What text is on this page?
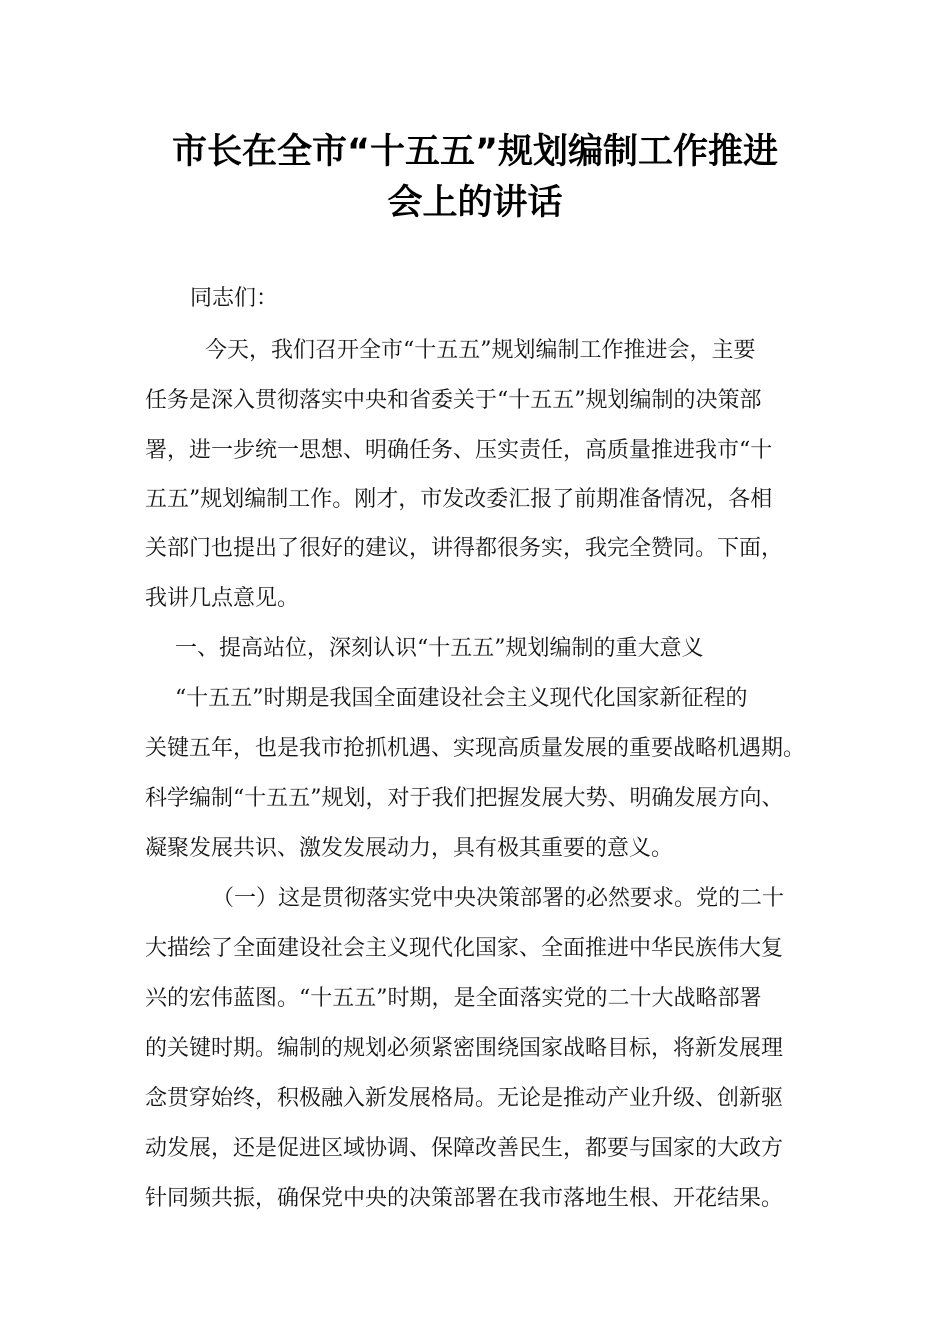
市长在全市“十五五”规划编制工作推进
会上的讲话
同志们：
今天，我们召开全市“十五五”规划编制工作推进会，主要
任务是深入贯彻落实中央和省委关于“十五五”规划编制的决策部
署，进一步统一思想、明确任务、压实责任，高质量推进我市“十
五五”规划编制工作。刚才，市发改委汇报了前期准备情况，各相
关部门也提出了很好的建议，讲得都很务实，我完全赞同。下面，
我讲几点意见。
一、提高站位，深刻认识“十五五”规划编制的重大意义
“十五五”时期是我国全面建设社会主义现代化国家新征程的
关键五年，也是我市抢抓机遇、实现高质量发展的重要战略机遇期。
科学编制“十五五”规划，对于我们把握发展大势、明确发展方向、
凝聚发展共识、激发发展动力，具有极其重要的意义。
（一）这是贯彻落实党中央决策部署的必然要求。党的二十
大描绘了全面建设社会主义现代化国家、全面推进中华民族伟大复
兴的宏伟蓝图。“十五五”时期，是全面落实党的二十大战略部署
的关键时期。编制的规划必须紧密围绕国家战略目标，将新发展理
念贯穿始终，积极融入新发展格局。无论是推动产业升级、创新驱
动发展，还是促进区域协调、保障改善民生，都要与国家的大政方
针同频共振，确保党中央的决策部署在我市落地生根、开花结果。
